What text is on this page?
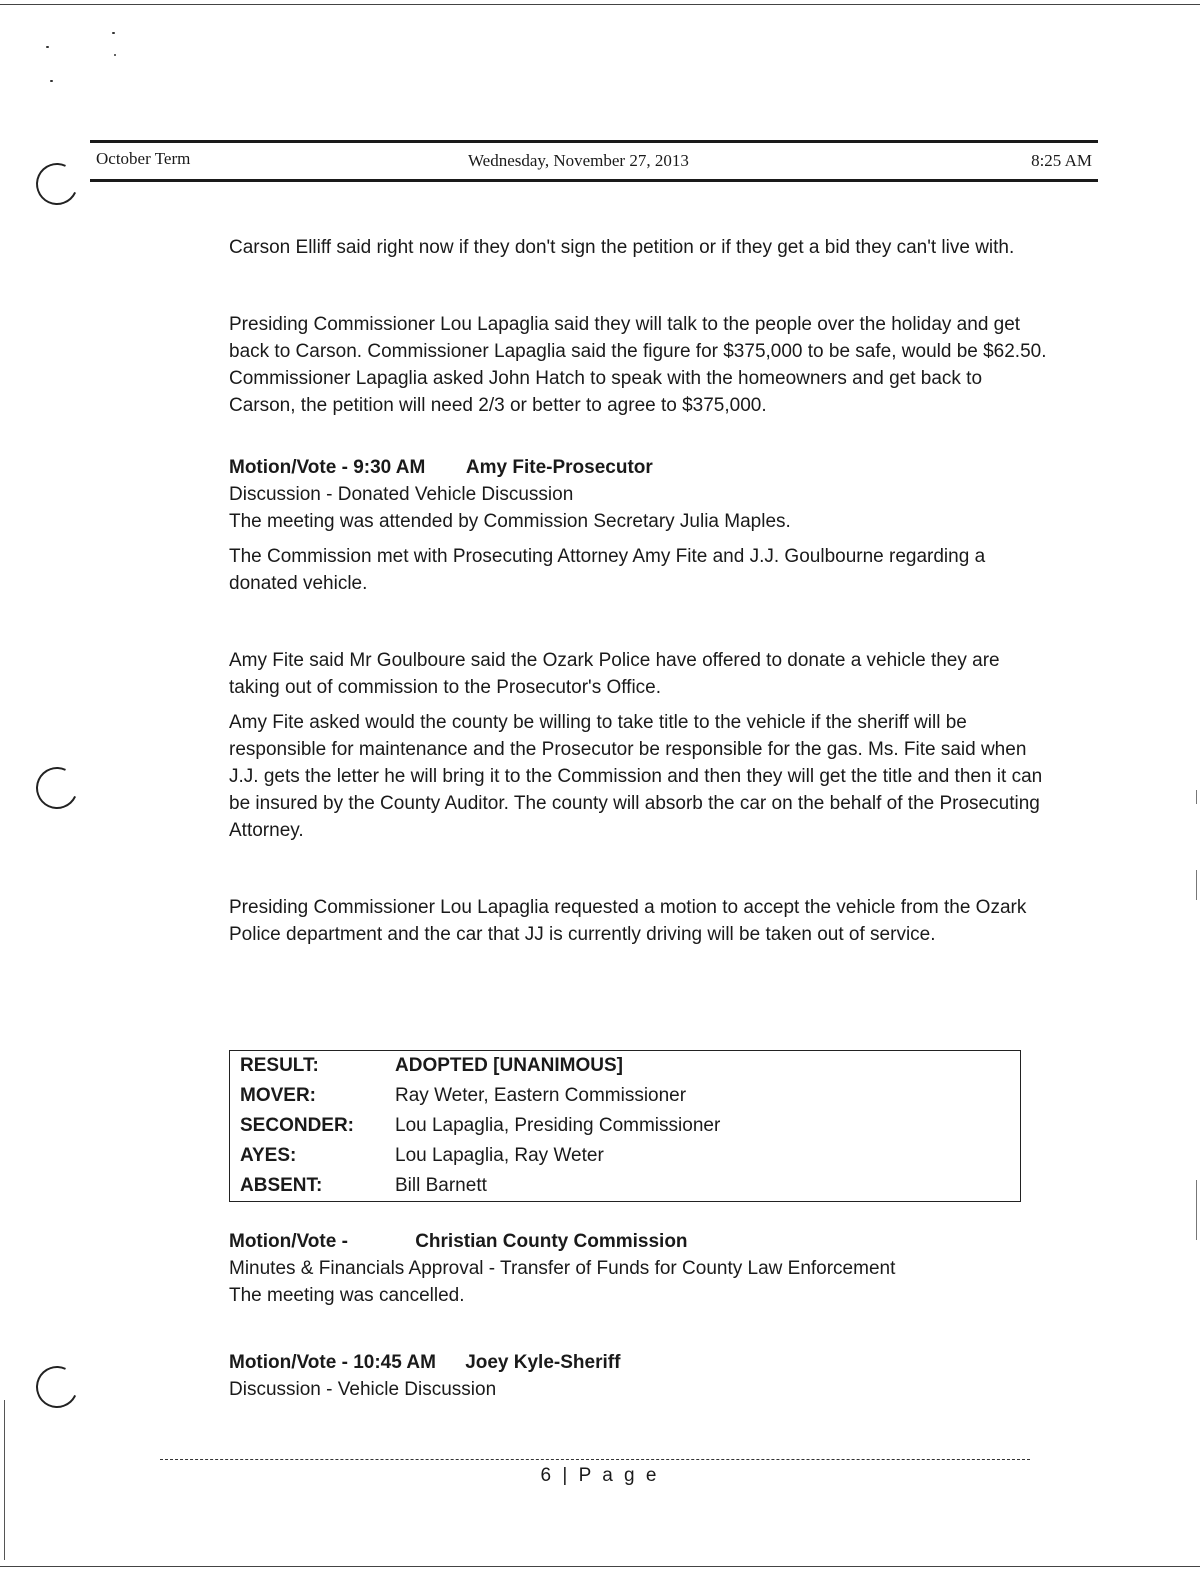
October Term	Wednesday, November 27, 2013	8:25 AM

Carson Elliff said right now if they don't sign the petition or if they get a bid they can't live with.

Presiding Commissioner Lou Lapaglia said they will talk to the people over the holiday and get back to Carson. Commissioner Lapaglia said the figure for $375,000 to be safe, would be $62.50. Commissioner Lapaglia asked John Hatch to speak with the homeowners and get back to Carson, the petition will need 2/3 or better to agree to $375,000.

Motion/Vote - 9:30 AM Amy Fite-Prosecutor

Discussion - Donated Vehicle Discussion

The meeting was attended by Commission Secretary Julia Maples.

The Commission met with Prosecuting Attorney Amy Fite and J.J. Goulbourne regarding a donated vehicle.

Amy Fite said Mr Goulboure said the Ozark Police have offered to donate a vehicle they are taking out of commission to the Prosecutor's Office.

Amy Fite asked would the county be willing to take title to the vehicle if the sheriff will be responsible for maintenance and the Prosecutor be responsible for the gas. Ms. Fite said when J.J. gets the letter he will bring it to the Commission and then they will get the title and then it can be insured by the County Auditor. The county will absorb the car on the behalf of the Prosecuting Attorney.

Presiding Commissioner Lou Lapaglia requested a motion to accept the vehicle from the Ozark Police department and the car that JJ is currently driving will be taken out of service.

RESULT:	ADOPTED [UNANIMOUS]
MOVER:	Ray Weter, Eastern Commissioner
SECONDER:	Lou Lapaglia, Presiding Commissioner
AYES:	Lou Lapaglia, Ray Weter
ABSENT:	Bill Barnett

Motion/Vote -	Christian County Commission

Minutes & Financials Approval - Transfer of Funds for County Law Enforcement

The meeting was cancelled.

Motion/Vote - 10:45 AM Joey Kyle-Sheriff

Discussion - Vehicle Discussion

6 | P a g e
